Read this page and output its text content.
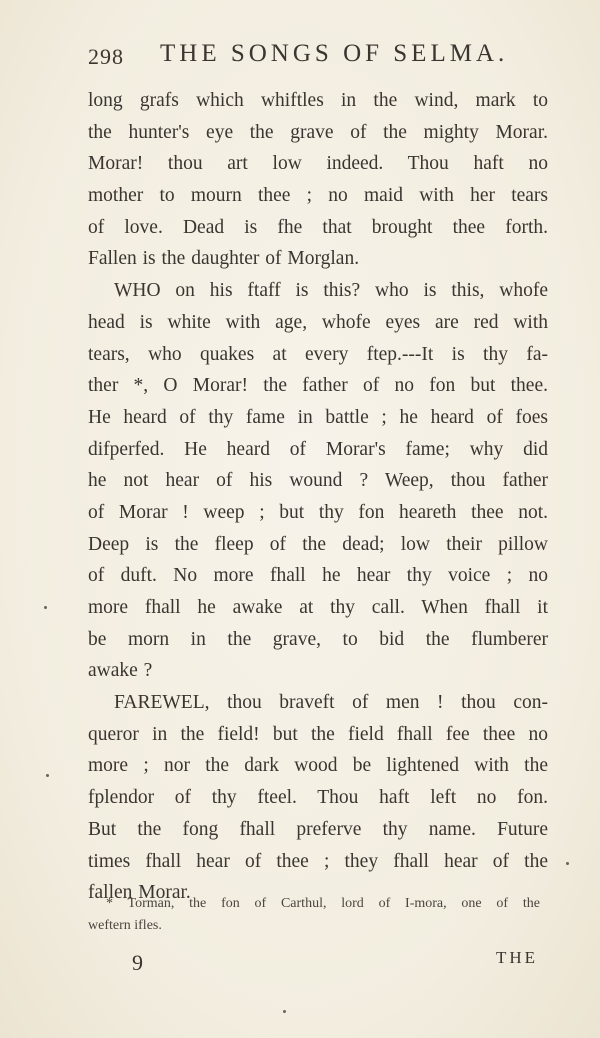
298 THE SONGS OF SELMA.
long grafs which whiftles in the wind, mark to
the hunter's eye the grave of the mighty Morar.
Morar! thou art low indeed. Thou haft no
mother to mourn thee ; no maid with her tears
of love. Dead is fhe that brought thee forth.
Fallen is the daughter of Morglan.
WHO on his ftaff is this? who is this, whofe
head is white with age, whofe eyes are red with
tears, who quakes at every ftep.---It is thy fa-
ther *, O Morar! the father of no fon but thee.
He heard of thy fame in battle ; he heard of foes
difperfed. He heard of Morar's fame; why did
he not hear of his wound ? Weep, thou father
of Morar ! weep ; but thy fon heareth thee not.
Deep is the fleep of the dead; low their pillow
of duft. No more fhall he hear thy voice ; no
more fhall he awake at thy call. When fhall it
be morn in the grave, to bid the flumberer
awake ?
FAREWEL, thou braveft of men ! thou con-
queror in the field! but the field fhall fee thee no
more ; nor the dark wood be lightened with the
fplendor of thy fteel. Thou haft left no fon.
But the fong fhall preferve thy name. Future
times fhall hear of thee ; they fhall hear of the
fallen Morar.
* Torman, the fon of Carthul, lord of I-mora, one of the
weftern ifles.
9	THE
